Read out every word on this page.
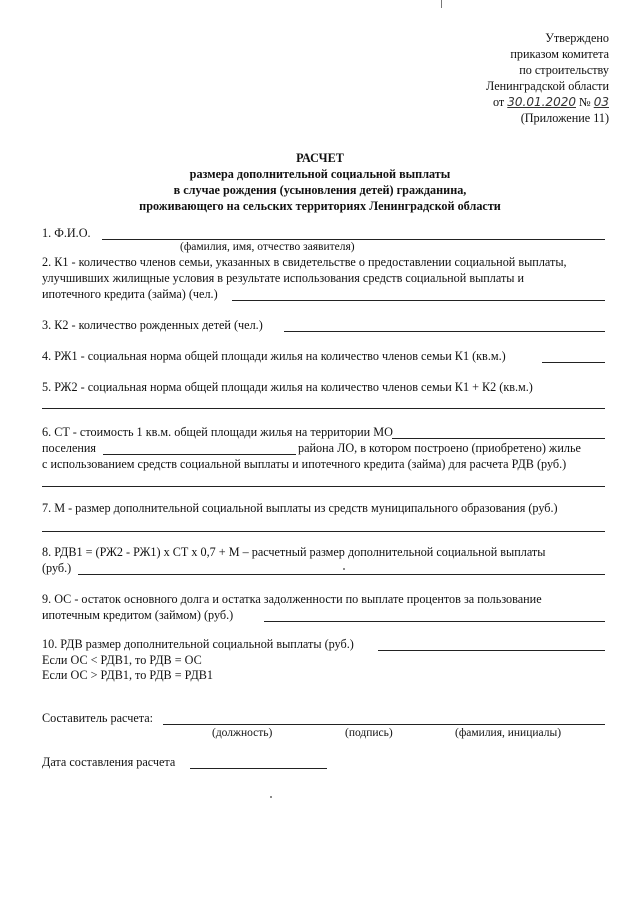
Утверждено
приказом комитета
по строительству
Ленинградской области
от 30.01.2020 № 03
(Приложение 11)
РАСЧЕТ
размера дополнительной социальной выплаты
в случае рождения (усыновления детей) гражданина,
проживающего на сельских территориях Ленинградской области
1. Ф.И.О.
(фамилия, имя, отчество заявителя)
2. К1 - количество членов семьи, указанных в свидетельстве о предоставлении социальной выплаты,
улучшивших жилищные условия в результате использования средств социальной выплаты и
ипотечного кредита (займа) (чел.)
3. К2 - количество рожденных детей (чел.)
4. РЖ1 - социальная норма общей площади жилья на количество членов семьи К1 (кв.м.)
5. РЖ2 - социальная норма общей площади жилья на количество членов семьи К1 + К2 (кв.м.)
6. СТ - стоимость 1 кв.м. общей площади жилья на территории МО
поселения	района ЛО, в котором построено (приобретено) жилье
с использованием средств социальной выплаты и ипотечного кредита (займа) для расчета РДВ (руб.)
7. М - размер дополнительной социальной выплаты из средств муниципального образования (руб.)
8. РДВ1 = (РЖ2 - РЖ1) х СТ х 0,7 + М – расчетный размер дополнительной социальной выплаты
(руб.)
9. ОС - остаток основного долга и остатка задолженности по выплате процентов за пользование
ипотечным кредитом (займом) (руб.)
10. РДВ размер дополнительной социальной выплаты (руб.)
Если ОС < РДВ1, то РДВ = ОС
Если ОС > РДВ1, то РДВ = РДВ1
Составитель расчета:
(должность)	(подпись)	(фамилия, инициалы)
Дата составления расчета
